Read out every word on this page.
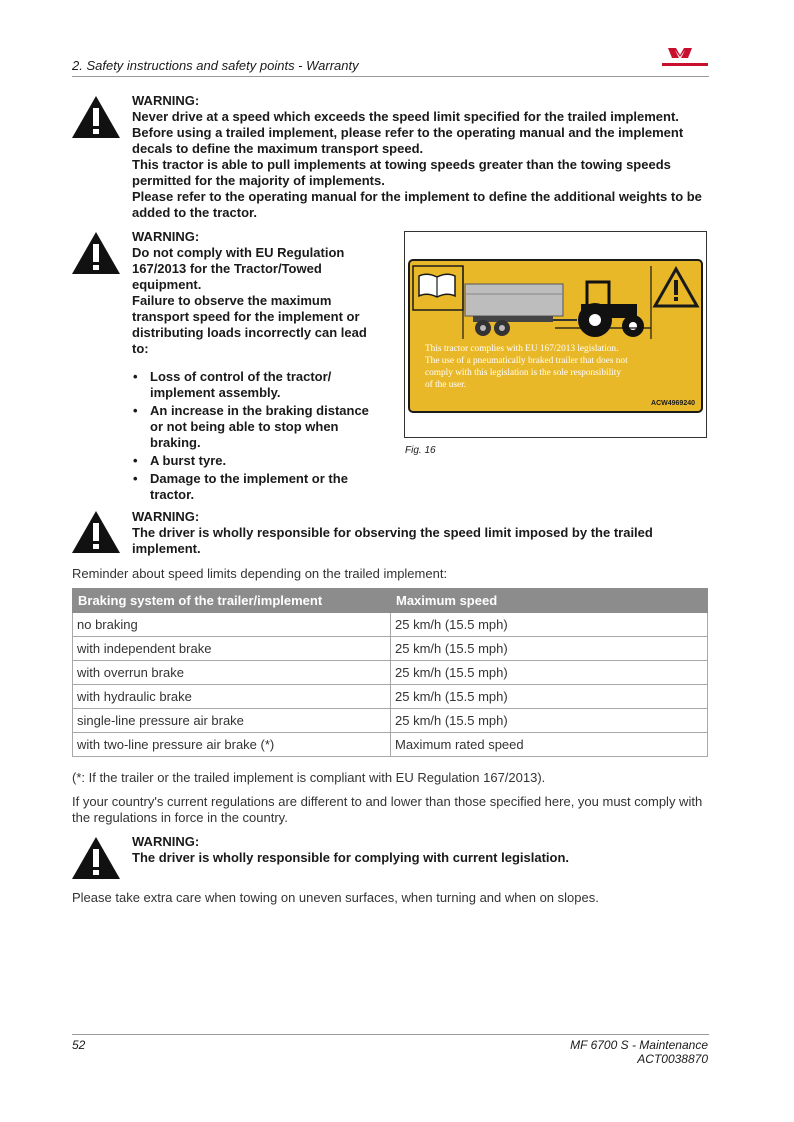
2. Safety instructions and safety points - Warranty
WARNING:
Never drive at a speed which exceeds the speed limit specified for the trailed implement.
Before using a trailed implement, please refer to the operating manual and the implement decals to define the maximum transport speed.
This tractor is able to pull implements at towing speeds greater than the towing speeds permitted for the majority of implements.
Please refer to the operating manual for the implement to define the additional weights to be added to the tractor.
WARNING:
Do not comply with EU Regulation 167/2013 for the Tractor/Towed equipment.
Failure to observe the maximum transport speed for the implement or distributing loads incorrectly can lead to:
• Loss of control of the tractor/ implement assembly.
• An increase in the braking distance or not being able to stop when braking.
• A burst tyre.
• Damage to the implement or the tractor.
This tractor complies with EU 167/2013 legislation.
The use of a pneumatically braked trailer that does not
comply with this legislation is the sole responsibility
of the user.
ACW4969240
Fig. 16
WARNING:
The driver is wholly responsible for observing the speed limit imposed by the trailed implement.
Reminder about speed limits depending on the trailed implement:
Braking system of the trailer/implement	Maximum speed
no braking	25 km/h (15.5 mph)
with independent brake	25 km/h (15.5 mph)
with overrun brake	25 km/h (15.5 mph)
with hydraulic brake	25 km/h (15.5 mph)
single-line pressure air brake	25 km/h (15.5 mph)
with two-line pressure air brake (*)	Maximum rated speed
(*: If the trailer or the trailed implement is compliant with EU Regulation 167/2013).
If your country's current regulations are different to and lower than those specified here, you must comply with the regulations in force in the country.
WARNING:
The driver is wholly responsible for complying with current legislation.
Please take extra care when towing on uneven surfaces, when turning and when on slopes.
52	MF 6700 S - Maintenance
ACT0038870
